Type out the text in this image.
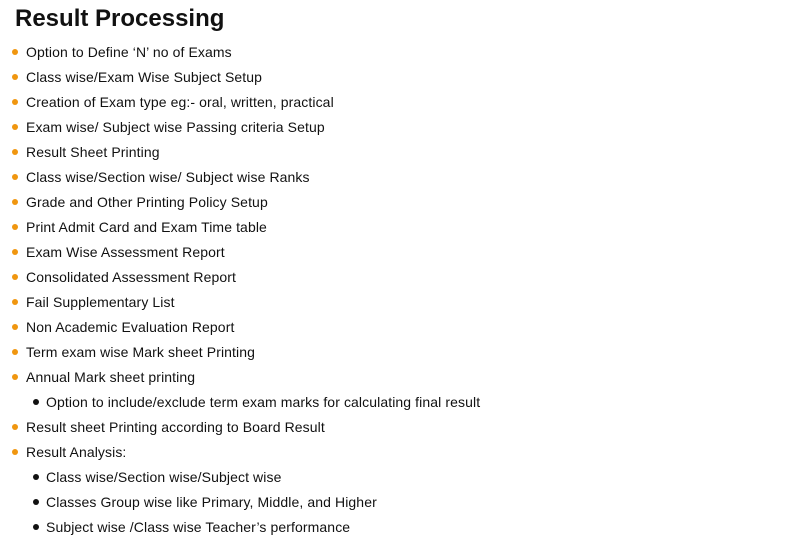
Result Processing
Option to Define ‘N’ no of Exams
Class wise/Exam Wise Subject Setup
Creation of Exam type eg:- oral, written, practical
Exam wise/ Subject wise Passing criteria Setup
Result Sheet Printing
Class wise/Section wise/ Subject wise Ranks
Grade and Other Printing Policy Setup
Print Admit Card and Exam Time table
Exam Wise Assessment Report
Consolidated Assessment Report
Fail Supplementary List
Non Academic Evaluation Report
Term exam wise Mark sheet Printing
Annual Mark sheet printing
Option to include/exclude term exam marks for calculating final result
Result sheet Printing according to Board Result
Result Analysis:
Class wise/Section wise/Subject wise
Classes Group wise like Primary, Middle, and Higher
Subject wise /Class wise Teacher’s performance
